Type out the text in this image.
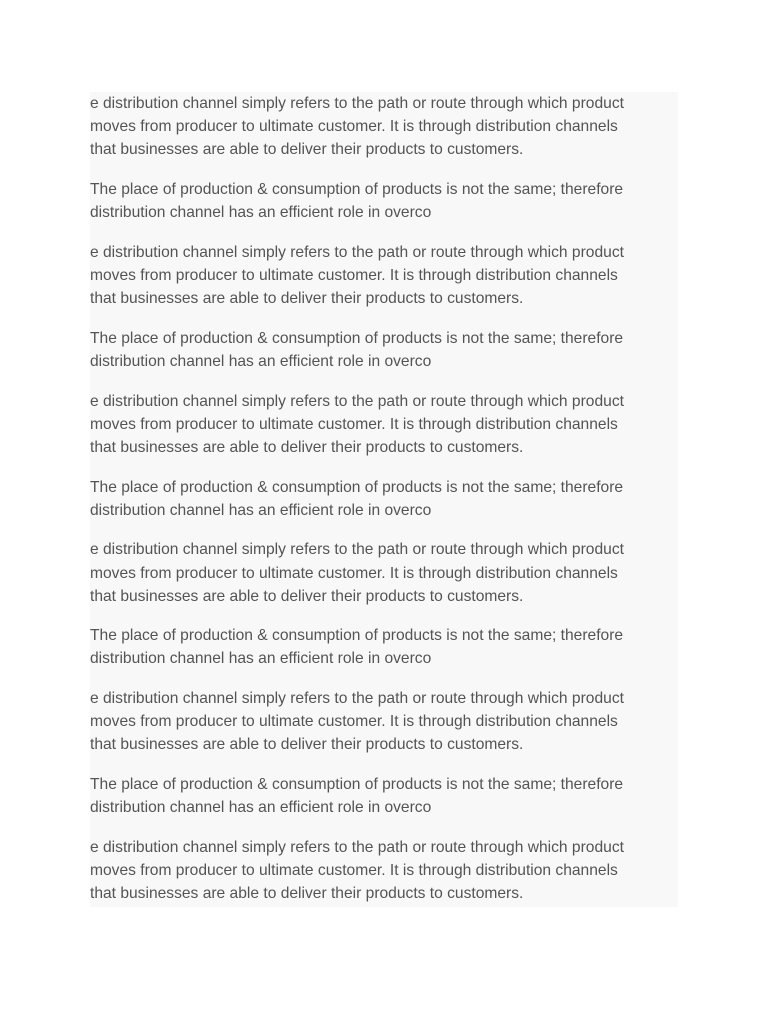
e distribution channel simply refers to the path or route through which product
moves from producer to ultimate customer. It is through distribution channels
that businesses are able to deliver their products to customers.

The place of production & consumption of products is not the same; therefore
distribution channel has an efficient role in overco

e distribution channel simply refers to the path or route through which product
moves from producer to ultimate customer. It is through distribution channels
that businesses are able to deliver their products to customers.

The place of production & consumption of products is not the same; therefore
distribution channel has an efficient role in overco

e distribution channel simply refers to the path or route through which product
moves from producer to ultimate customer. It is through distribution channels
that businesses are able to deliver their products to customers.

The place of production & consumption of products is not the same; therefore
distribution channel has an efficient role in overco

e distribution channel simply refers to the path or route through which product
moves from producer to ultimate customer. It is through distribution channels
that businesses are able to deliver their products to customers.

The place of production & consumption of products is not the same; therefore
distribution channel has an efficient role in overco

e distribution channel simply refers to the path or route through which product
moves from producer to ultimate customer. It is through distribution channels
that businesses are able to deliver their products to customers.

The place of production & consumption of products is not the same; therefore
distribution channel has an efficient role in overco

e distribution channel simply refers to the path or route through which product
moves from producer to ultimate customer. It is through distribution channels
that businesses are able to deliver their products to customers.
